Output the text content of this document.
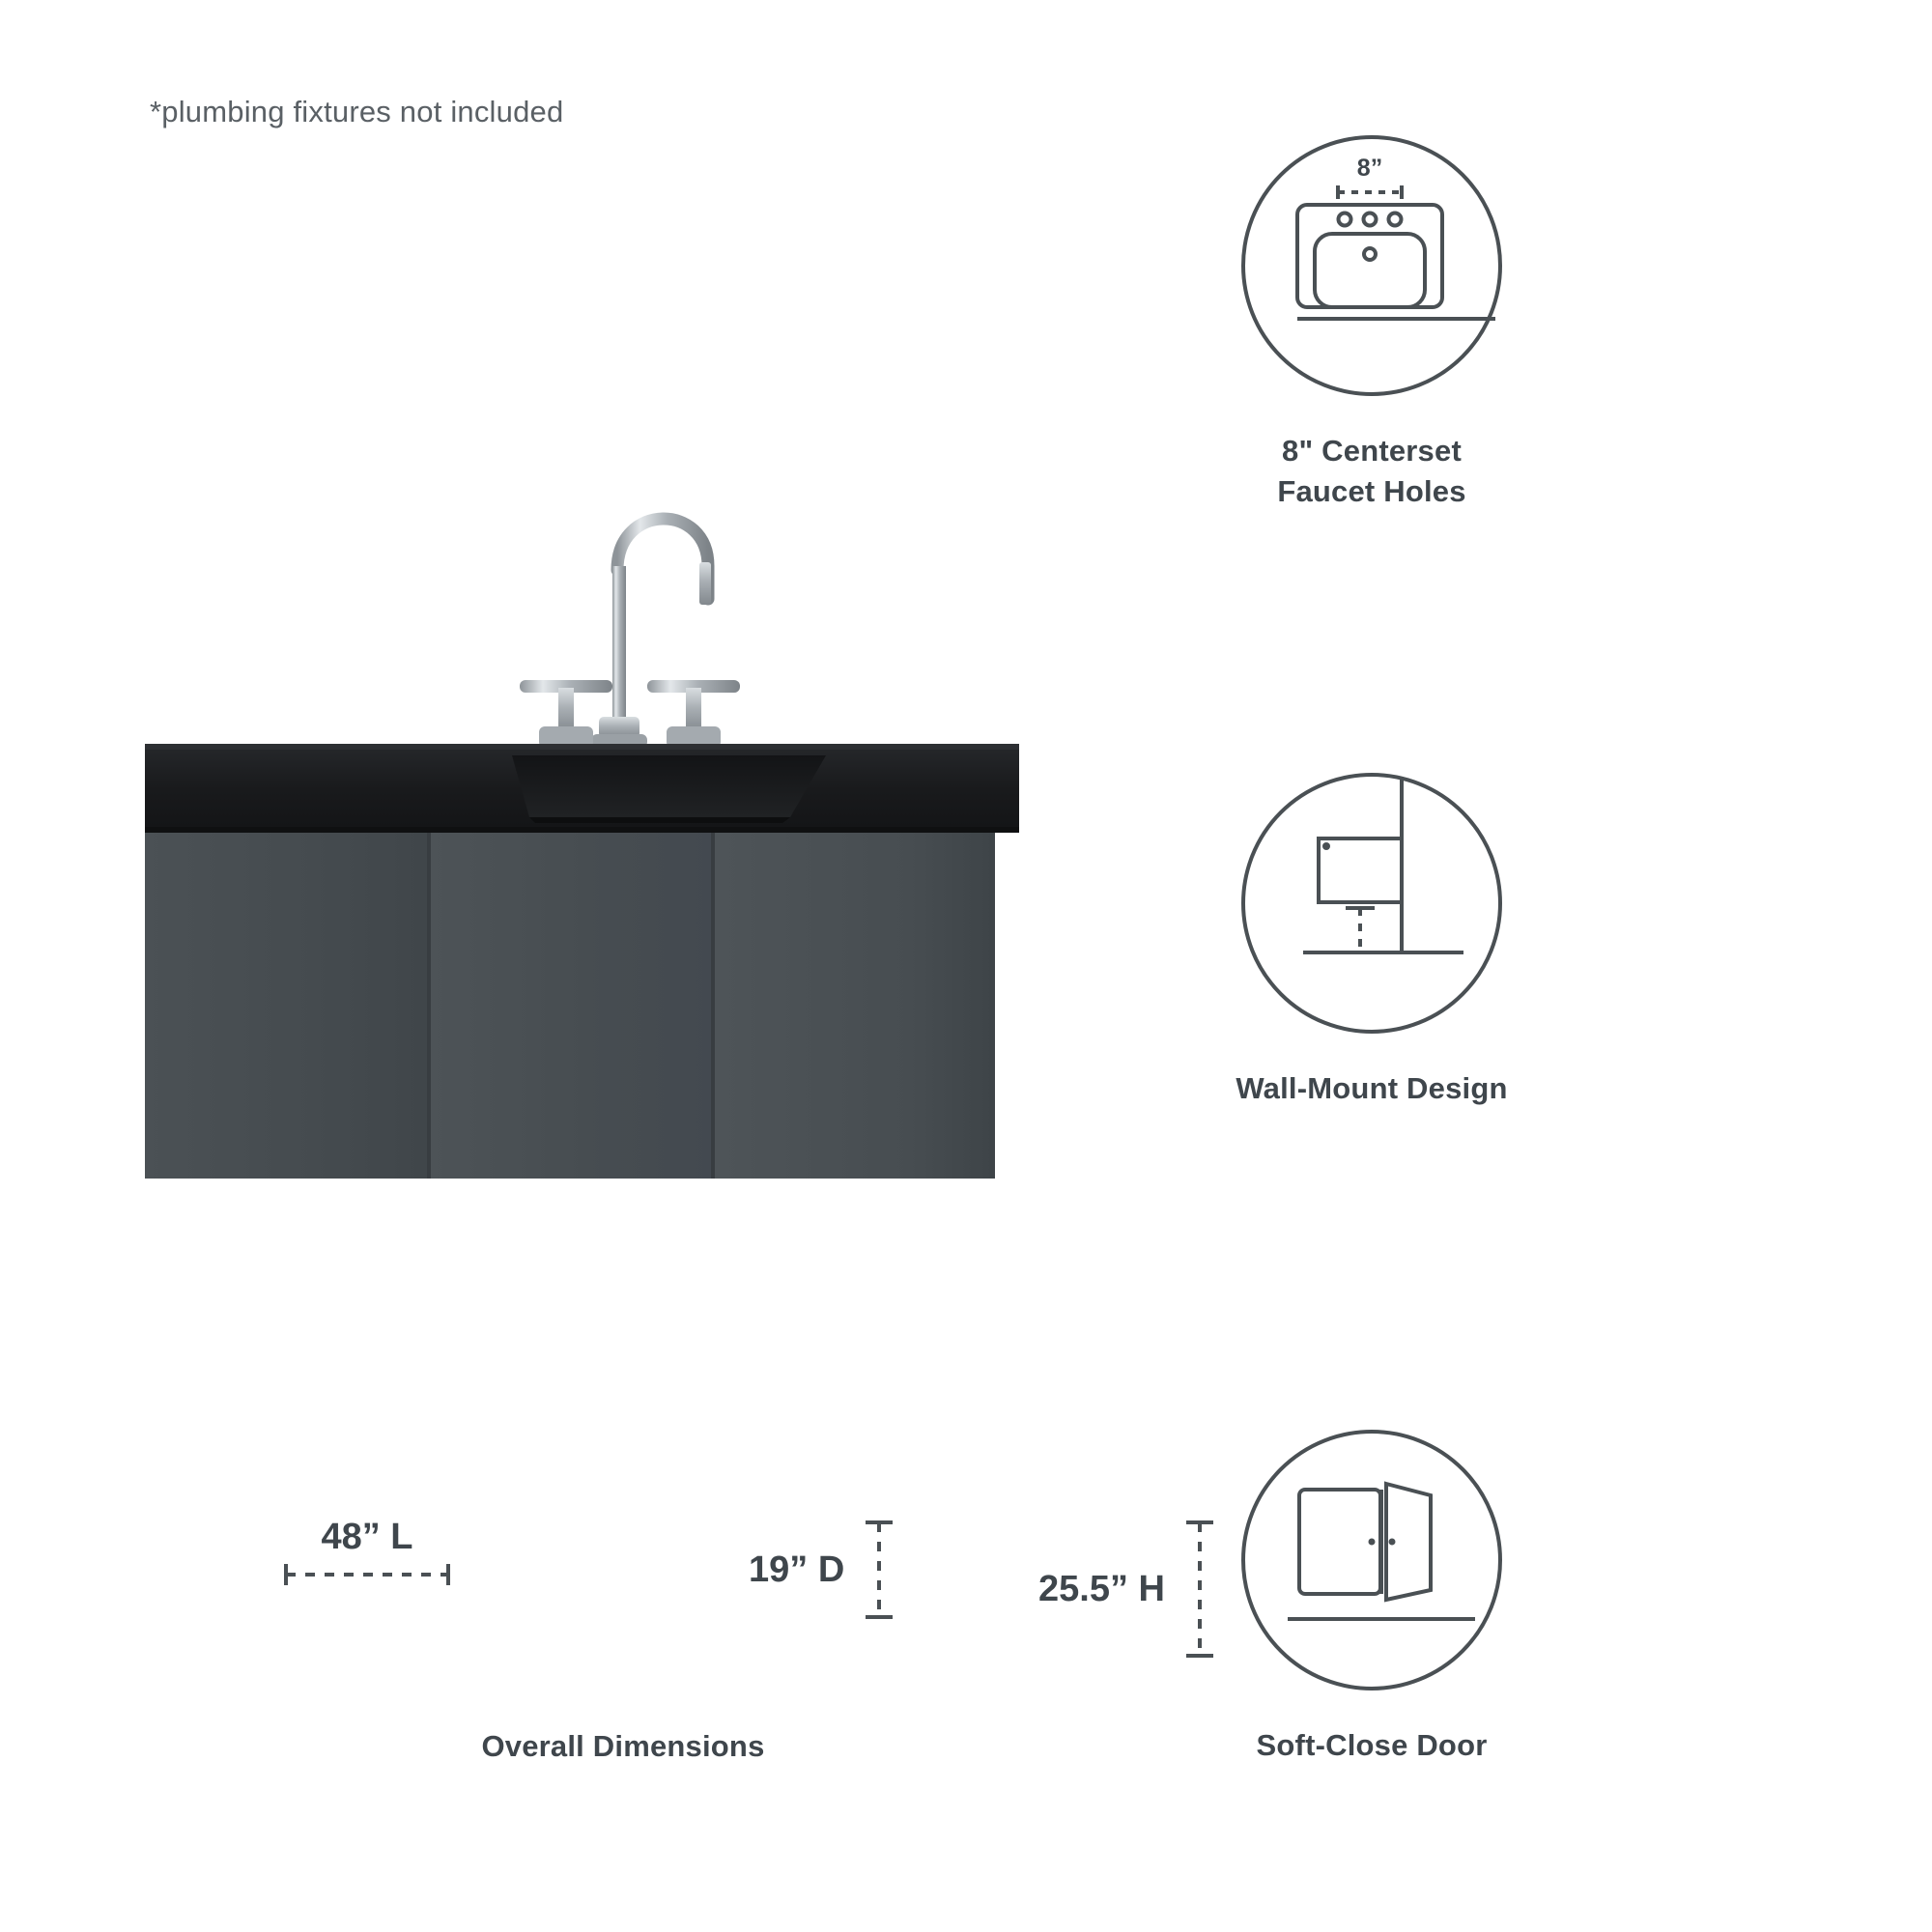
*plumbing fixtures not included
8”
8" Centerset
Faucet Holes
Wall-Mount Design
Soft-Close Door
48” L
19” D	25.5” H
Overall Dimensions
